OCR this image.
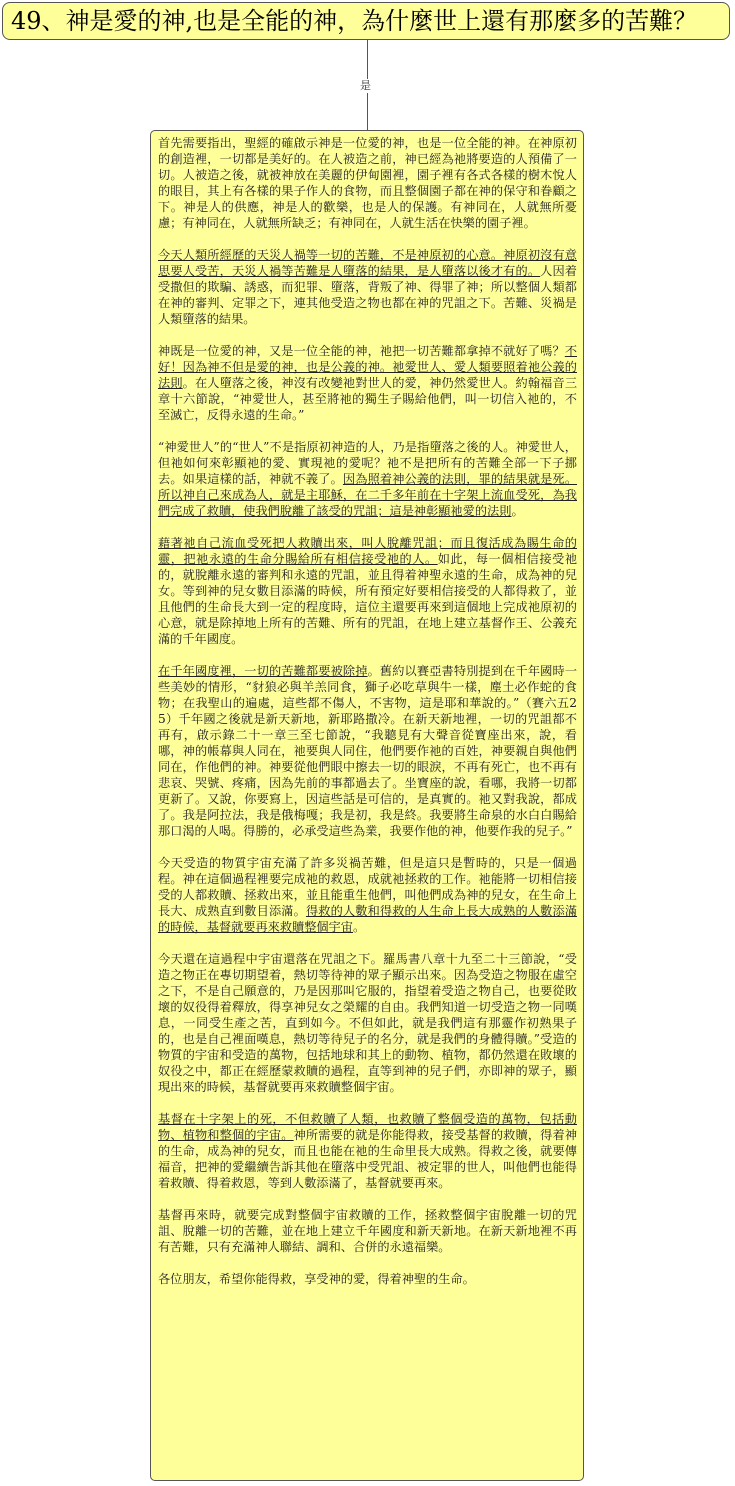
49、神是愛的神,也是全能的神，為什麼世上還有那麼多的苦難？
是

首先需要指出，聖經的確啟示神是一位愛的神，也是一位全能的神。在神原初的創造裡，一切都是美好的。在人被造之前，神已經為祂將要造的人預備了一切。人被造之後，就被神放在美麗的伊甸園裡，園子裡有各式各樣的樹木悅人的眼目，其上有各樣的果子作人的食物，而且整個園子都在神的保守和眷顧之下。神是人的供應，神是人的歡樂，也是人的保護。有神同在，人就無所憂慮；有神同在，人就無所缺乏；有神同在，人就生活在快樂的園子裡。

今天人類所經歷的天災人禍等一切的苦難，不是神原初的心意。神原初沒有意思要人受苦，天災人禍等苦難是人墮落的結果，是人墮落以後才有的。人因着受撒但的欺騙、誘惑，而犯罪、墮落，背叛了神、得罪了神；所以整個人類都在神的審判、定罪之下，連其他受造之物也都在神的咒詛之下。苦難、災禍是人類墮落的結果。

神既是一位愛的神，又是一位全能的神，祂把一切苦難都拿掉不就好了嗎？不好！因為神不但是愛的神，也是公義的神。祂愛世人、愛人類要照着祂公義的法則。在人墮落之後，神沒有改變祂對世人的愛，神仍然愛世人。約翰福音三章十六節說，“神愛世人，甚至將祂的獨生子賜給他們，叫一切信入祂的，不至滅亡，反得永遠的生命。”

“神愛世人”的“世人”不是指原初神造的人，乃是指墮落之後的人。神愛世人，但祂如何來彰顯祂的愛、實現祂的愛呢？祂不是把所有的苦難全部一下子挪去。如果這樣的話，神就不義了。因為照着神公義的法則，罪的結果就是死。所以神自己來成為人，就是主耶穌，在二千多年前在十字架上流血受死，為我們完成了救贖，使我們脫離了該受的咒詛；這是神彰顯祂愛的法則。

藉著祂自己流血受死把人救贖出來，叫人脫離咒詛；而且復活成為賜生命的靈，把祂永遠的生命分賜給所有相信接受祂的人。如此，每一個相信接受祂的，就脫離永遠的審判和永遠的咒詛，並且得着神聖永遠的生命，成為神的兒女。等到神的兒女數目添滿的時候，所有預定好要相信接受的人都得救了，並且他們的生命長大到一定的程度時，這位主還要再來到這個地上完成祂原初的心意，就是除掉地上所有的苦難、所有的咒詛，在地上建立基督作王、公義充滿的千年國度。

在千年國度裡，一切的苦難都要被除掉。舊約以賽亞書特別提到在千年國時一些美妙的情形，“豺狼必與羊羔同食，獅子必吃草與牛一樣，塵土必作蛇的食物；在我聖山的遍處，這些都不傷人，不害物，這是耶和華說的。”（賽六五25）千年國之後就是新天新地，新耶路撒冷。在新天新地裡，一切的咒詛都不再有，啟示錄二十一章三至七節說，“我聽見有大聲音從寶座出來，說，看哪，神的帳幕與人同在，祂要與人同住，他們要作祂的百姓，神要親自與他們同在，作他們的神。神要從他們眼中擦去一切的眼淚，不再有死亡，也不再有悲哀、哭號、疼痛，因為先前的事都過去了。坐寶座的說，看哪，我將一切都更新了。又說，你要寫上，因這些話是可信的，是真實的。祂又對我說，都成了。我是阿拉法，我是俄梅嘎；我是初，我是終。我要將生命泉的水白白賜給那口渴的人喝。得勝的，必承受這些為業，我要作他的神，他要作我的兒子。”

今天受造的物質宇宙充滿了許多災禍苦難，但是這只是暫時的，只是一個過程。神在這個過程裡要完成祂的救恩，成就祂拯救的工作。祂能將一切相信接受的人都救贖、拯救出來，並且能重生他們，叫他們成為神的兒女，在生命上長大、成熟直到數目添滿。得救的人數和得救的人生命上長大成熟的人數添滿的時候，基督就要再來救贖整個宇宙。

今天還在這過程中宇宙還落在咒詛之下。羅馬書八章十九至二十三節說，“受造之物正在專切期望着，熱切等待神的眾子顯示出來。因為受造之物服在虛空之下，不是自己願意的，乃是因那叫它服的，指望着受造之物自己，也要從敗壞的奴役得着釋放，得享神兒女之榮耀的自由。我們知道一切受造之物一同嘆息，一同受生產之苦，直到如今。不但如此，就是我們這有那靈作初熟果子的，也是自己裡面嘆息，熱切等待兒子的名分，就是我們的身體得贖。”受造的物質的宇宙和受造的萬物，包括地球和其上的動物、植物，都仍然還在敗壞的奴役之中，都正在經歷蒙救贖的過程，直等到神的兒子們，亦即神的眾子，顯現出來的時候，基督就要再來救贖整個宇宙。

基督在十字架上的死，不但救贖了人類，也救贖了整個受造的萬物，包括動物、植物和整個的宇宙。神所需要的就是你能得救，接受基督的救贖，得着神的生命，成為神的兒女，而且也能在祂的生命里長大成熟。得救之後，就要傳福音，把神的愛繼續告訴其他在墮落中受咒詛、被定罪的世人，叫他們也能得着救贖、得着救恩，等到人數添滿了，基督就要再來。

基督再來時，就要完成對整個宇宙救贖的工作，拯救整個宇宙脫離一切的咒詛、脫離一切的苦難，並在地上建立千年國度和新天新地。在新天新地裡不再有苦難，只有充滿神人聯結、調和、合併的永遠福樂。

各位朋友，希望你能得救，享受神的愛，得着神聖的生命。
